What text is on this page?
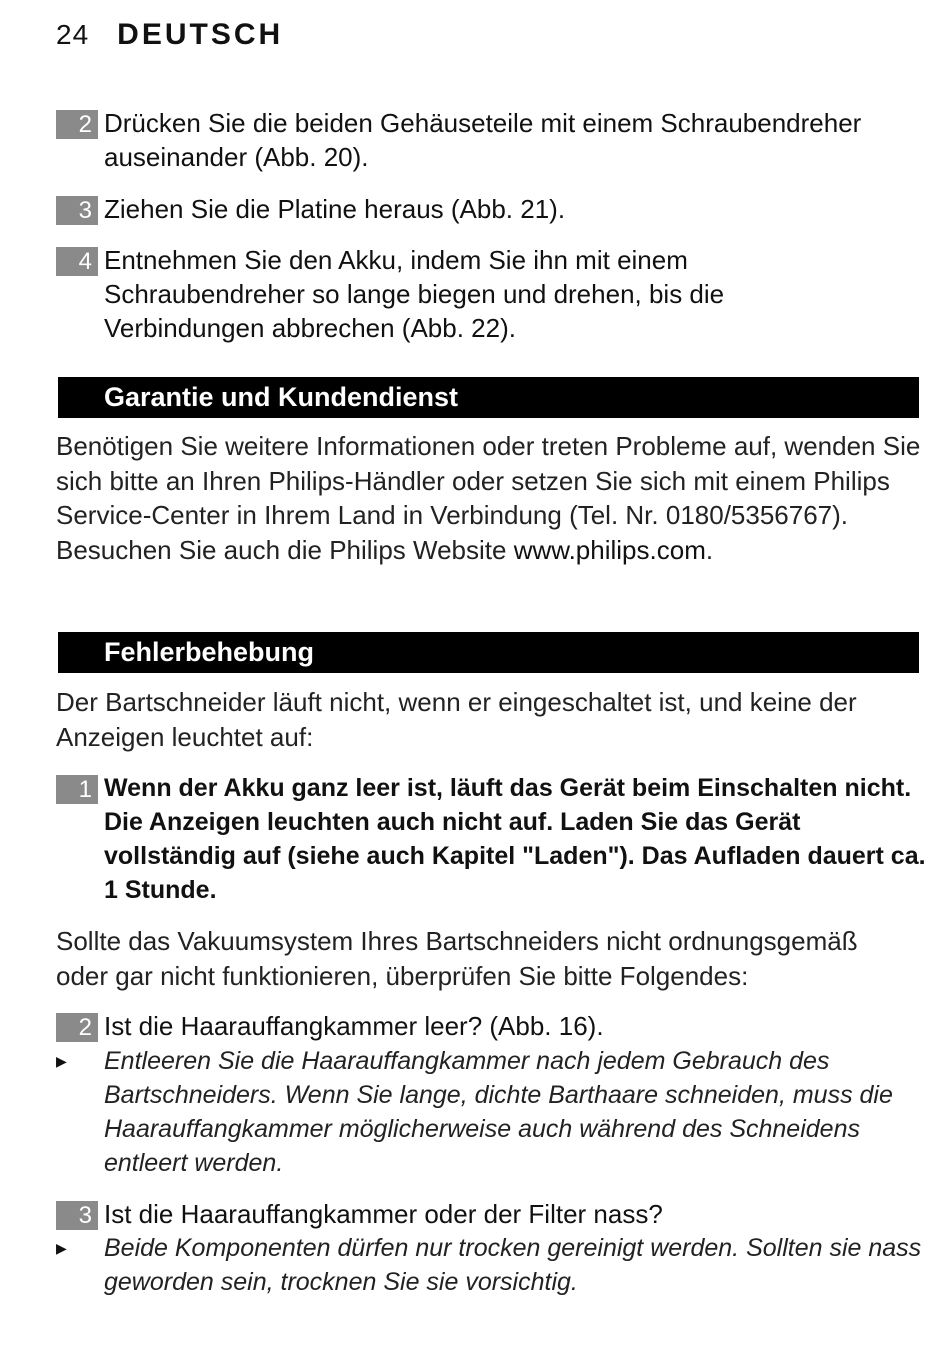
24 DEUTSCH
2 Drücken Sie die beiden Gehäuseteile mit einem Schraubendreher auseinander (Abb. 20).
3 Ziehen Sie die Platine heraus (Abb. 21).
4 Entnehmen Sie den Akku, indem Sie ihn mit einem Schraubendreher so lange biegen und drehen, bis die Verbindungen abbrechen (Abb. 22).
Garantie und Kundendienst
Benötigen Sie weitere Informationen oder treten Probleme auf, wenden Sie sich bitte an Ihren Philips-Händler oder setzen Sie sich mit einem Philips Service-Center in Ihrem Land in Verbindung (Tel. Nr. 0180/5356767). Besuchen Sie auch die Philips Website www.philips.com.
Fehlerbehebung
Der Bartschneider läuft nicht, wenn er eingeschaltet ist, und keine der Anzeigen leuchtet auf:
1 Wenn der Akku ganz leer ist, läuft das Gerät beim Einschalten nicht. Die Anzeigen leuchten auch nicht auf. Laden Sie das Gerät vollständig auf (siehe auch Kapitel "Laden"). Das Aufladen dauert ca. 1 Stunde.
Sollte das Vakuumsystem Ihres Bartschneiders nicht ordnungsgemäß oder gar nicht funktionieren, überprüfen Sie bitte Folgendes:
2 Ist die Haarauffangkammer leer? (Abb. 16).
▶ Entleeren Sie die Haarauffangkammer nach jedem Gebrauch des Bartschneiders. Wenn Sie lange, dichte Barthaare schneiden, muss die Haarauffangkammer möglicherweise auch während des Schneidens entleert werden.
3 Ist die Haarauffangkammer oder der Filter nass?
▶ Beide Komponenten dürfen nur trocken gereinigt werden. Sollten sie nass geworden sein, trocknen Sie sie vorsichtig.
